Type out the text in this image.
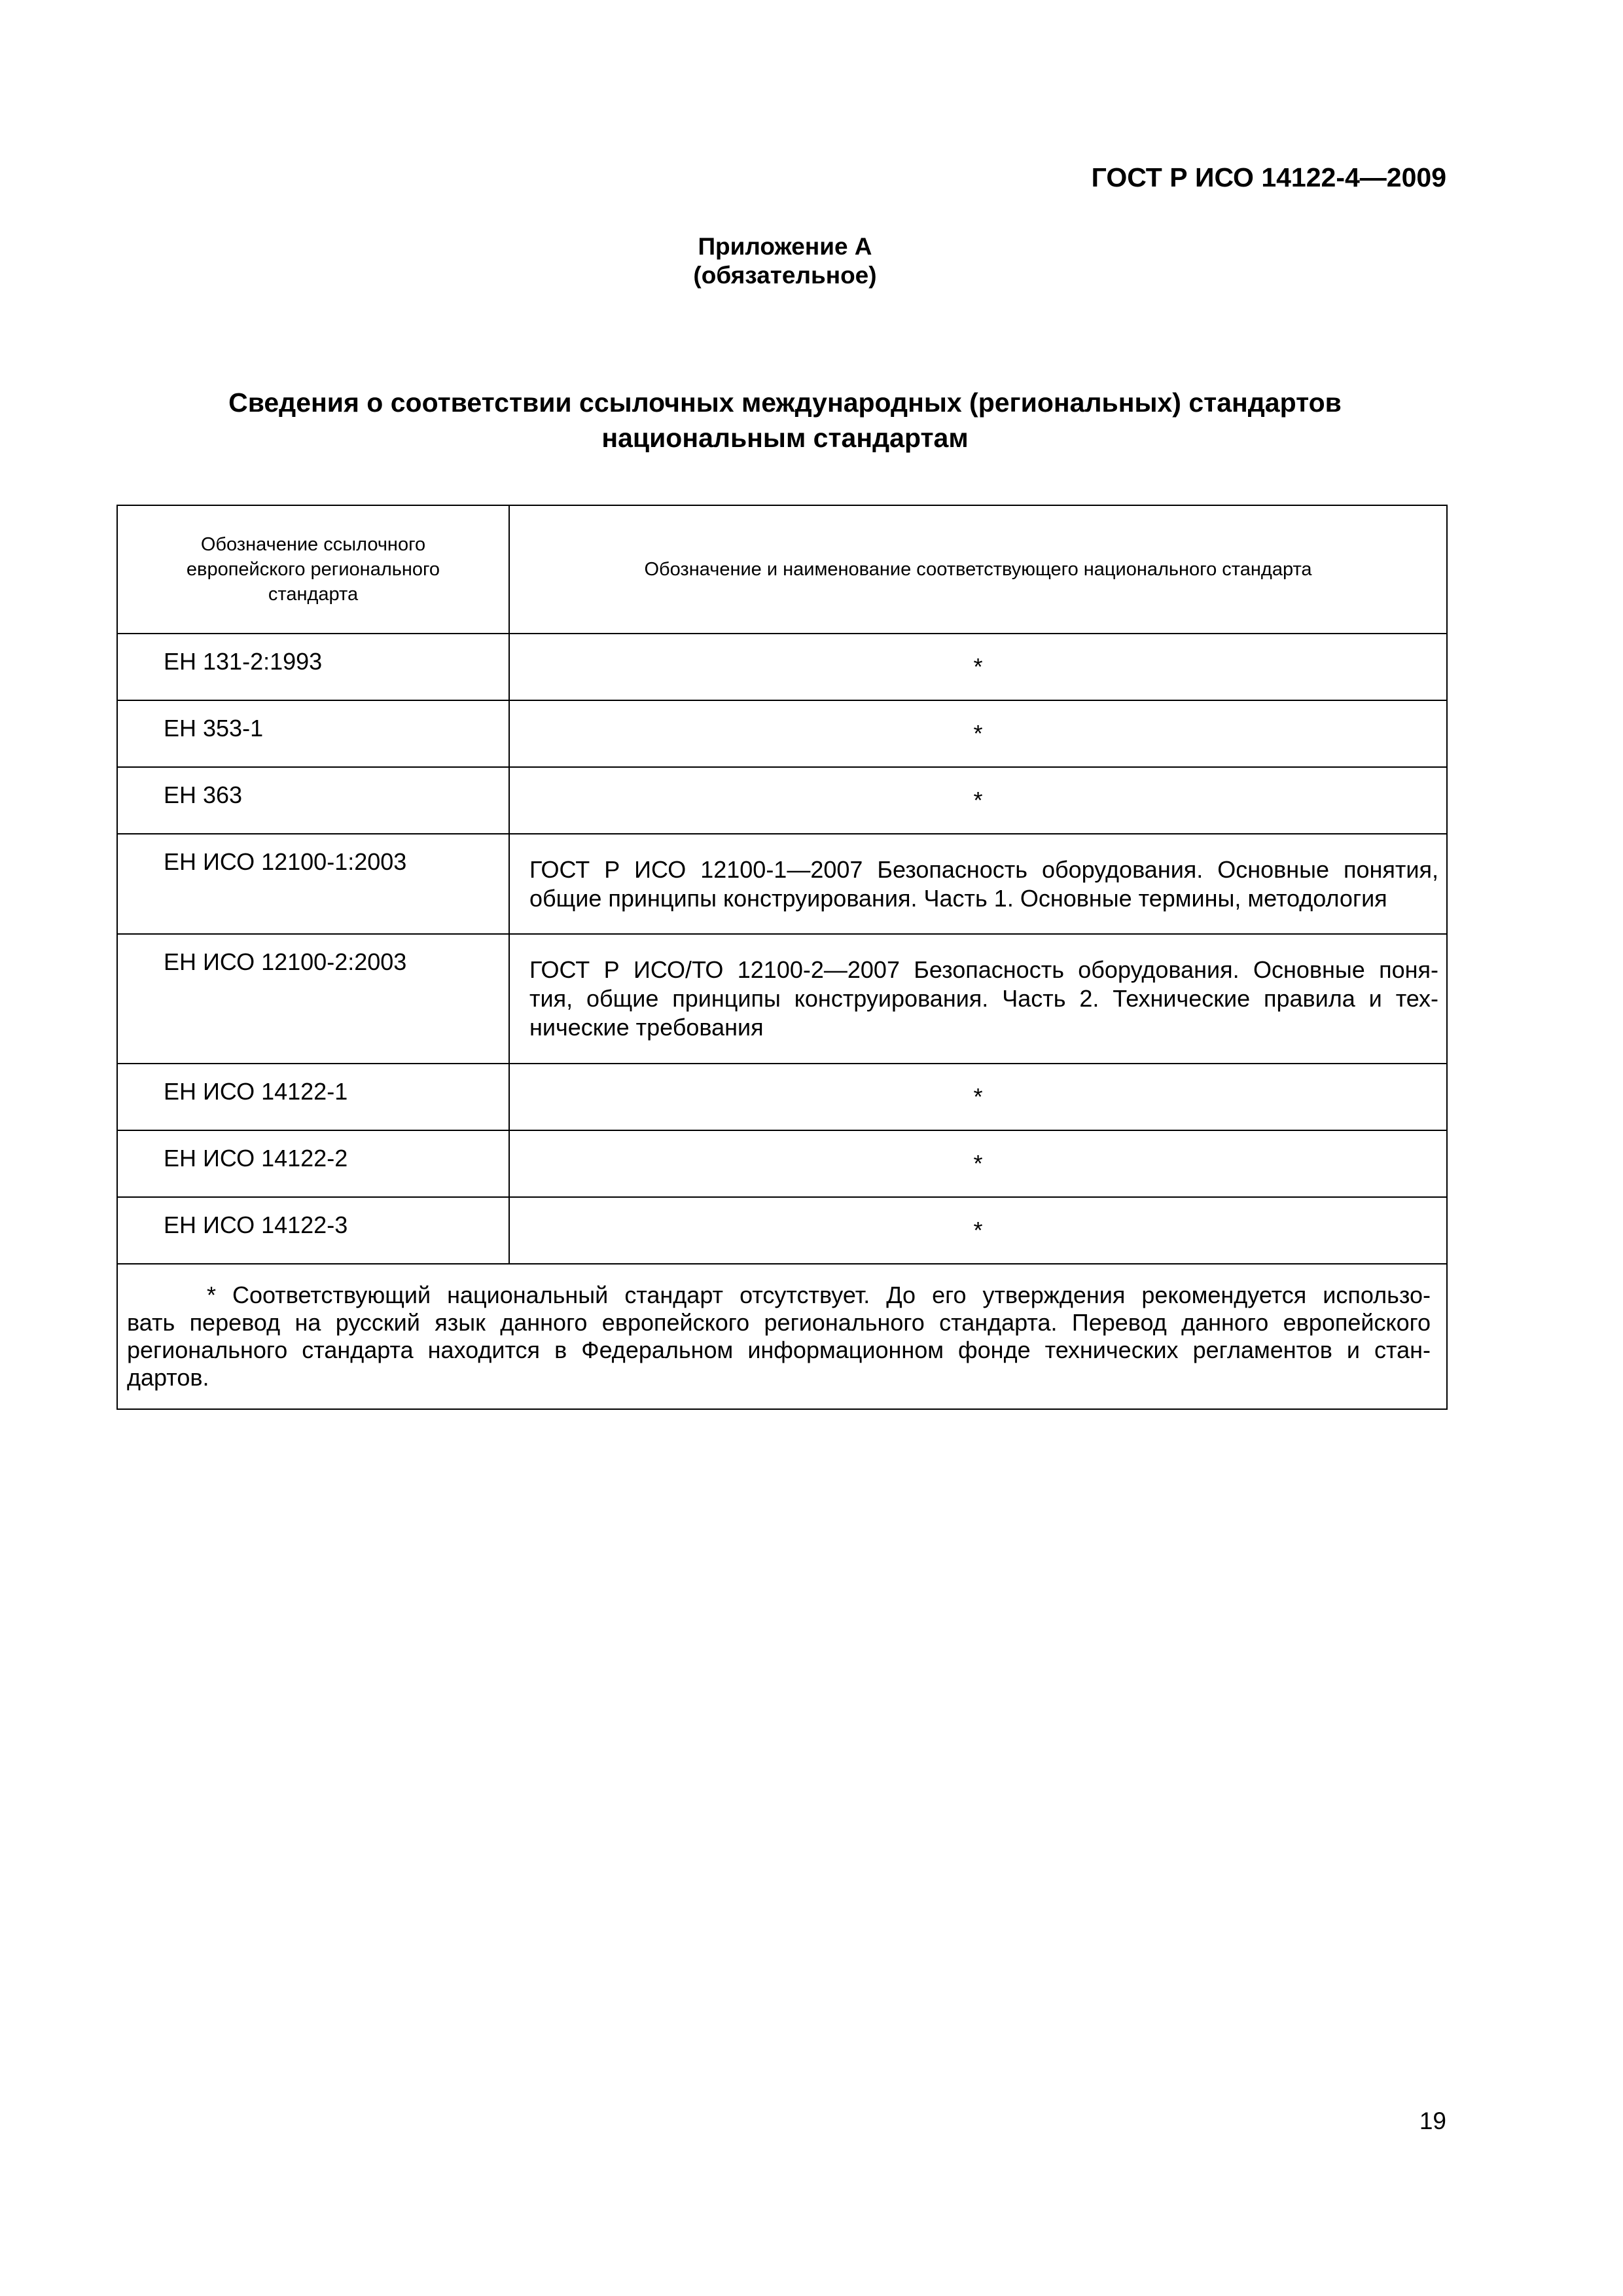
ГОСТ Р ИСО 14122-4—2009
Приложение А
(обязательное)
Сведения о соответствии ссылочных международных (региональных) стандартов
национальным стандартам
Обозначение ссылочного
европейского регионального
стандарта	Обозначение и наименование соответствующего национального стандарта
ЕН 131-2:1993	*
ЕН 353-1	*
ЕН 363	*
ЕН ИСО 12100-1:2003	ГОСТ Р ИСО 12100-1—2007 Безопасность оборудования. Основные понятия,
общие принципы конструирования. Часть 1. Основные термины, методология

ЕН ИСО 12100-2:2003	ГОСТ Р ИСО/ТО 12100-2—2007 Безопасность оборудования. Основные поня-
тия, общие принципы конструирования. Часть 2. Технические правила и тех-
нические требования

ЕН ИСО 14122-1	*
ЕН ИСО 14122-2	*
ЕН ИСО 14122-3	*

* Соответствующий национальный стандарт отсутствует. До его утверждения рекомендуется использо-
вать перевод на русский язык данного европейского регионального стандарта. Перевод данного европейского
регионального стандарта находится в Федеральном информационном фонде технических регламентов и стан-
дартов.	
19
